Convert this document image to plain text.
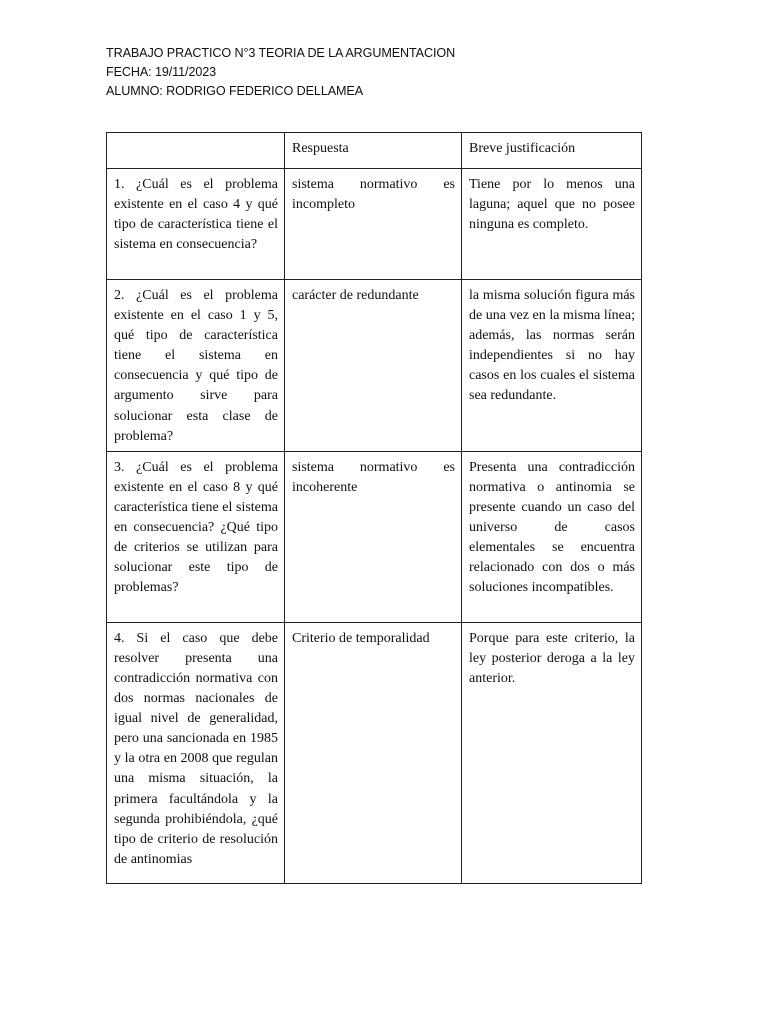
TRABAJO PRACTICO N°3 TEORIA DE LA ARGUMENTACION
FECHA: 19/11/2023
ALUMNO: RODRIGO FEDERICO DELLAMEA
	Respuesta	Breve justificación
1. ¿Cuál es el problema existente en el caso 4 y qué tipo de característica tiene el sistema en consecuencia?	sistema normativo es incompleto	Tiene por lo menos una laguna; aquel que no posee ninguna es completo.
2. ¿Cuál es el problema existente en el caso 1 y 5, qué tipo de característica tiene el sistema en consecuencia y qué tipo de argumento sirve para solucionar esta clase de problema?	carácter de redundante	la misma solución figura más de una vez en la misma línea; además, las normas serán independientes si no hay casos en los cuales el sistema sea redundante.
3. ¿Cuál es el problema existente en el caso 8 y qué característica tiene el sistema en consecuencia? ¿Qué tipo de criterios se utilizan para solucionar este tipo de problemas?	sistema normativo es incoherente	Presenta una contradicción normativa o antinomia se presente cuando un caso del universo de casos elementales se encuentra relacionado con dos o más soluciones incompatibles.

4. Si el caso que debe resolver presenta una contradicción normativa con dos normas nacionales de igual nivel de generalidad, pero una sancionada en 1985 y la otra en 2008 que regulan una misma situación, la primera facultándola y la segunda prohibiéndola, ¿qué tipo de criterio de resolución de antinomias	Criterio de temporalidad	Porque para este criterio, la ley posterior deroga a la ley anterior.
